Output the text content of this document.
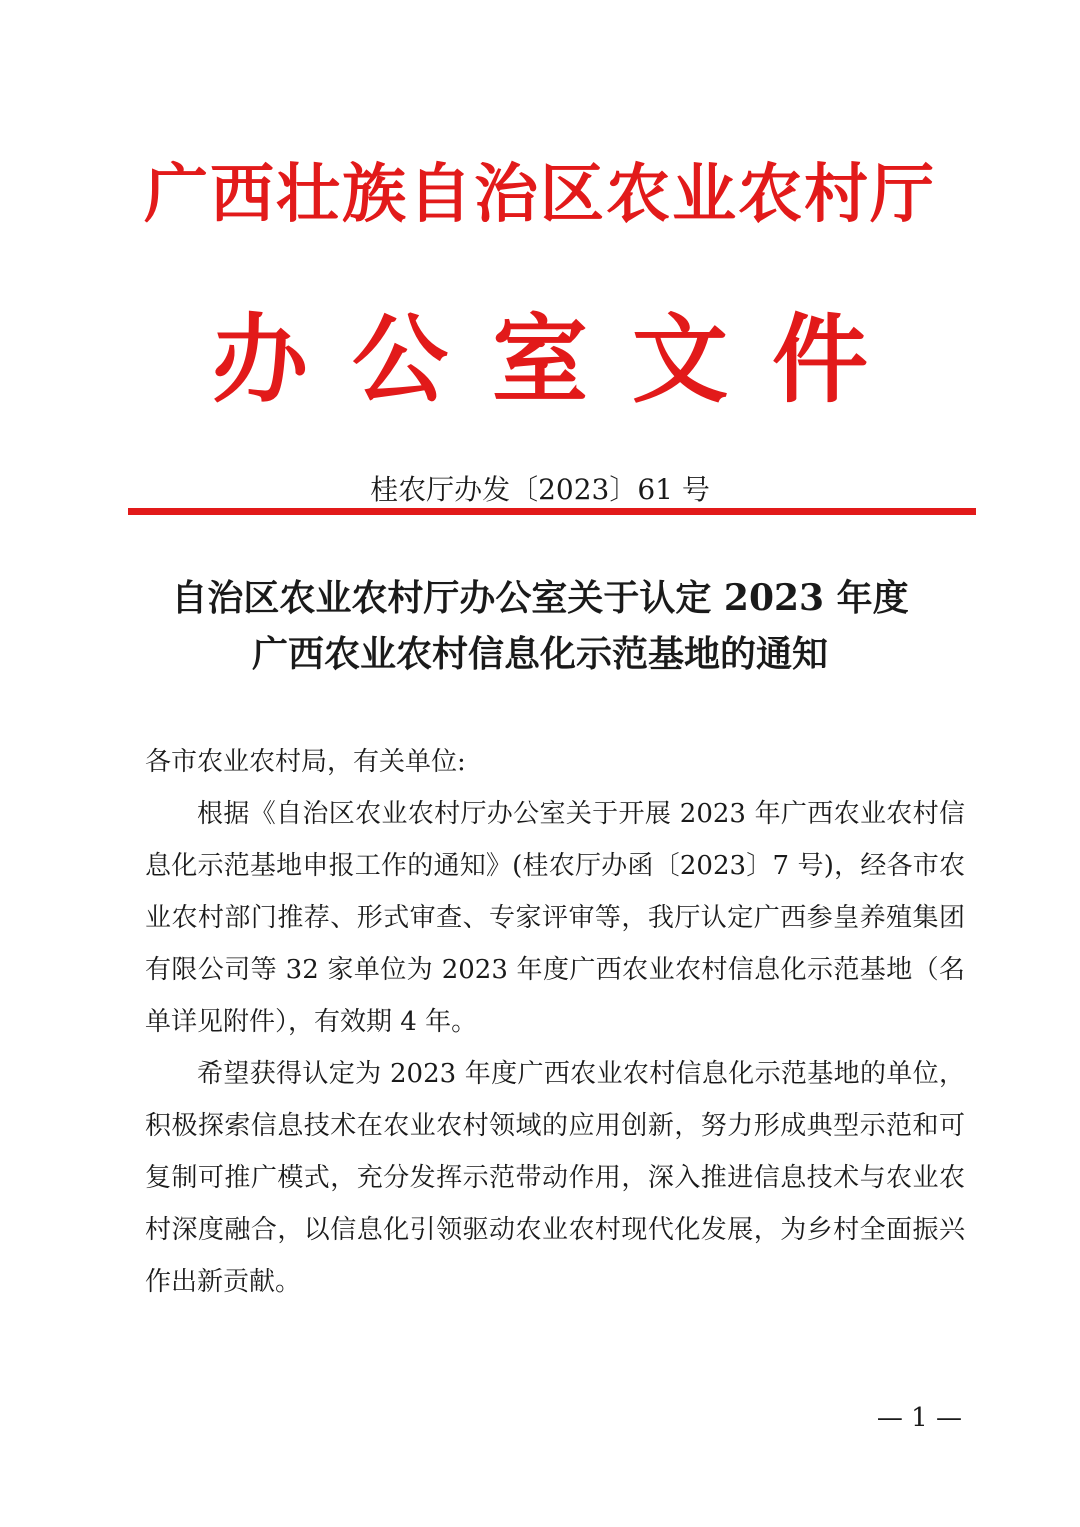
广西壮族自治区农业农村厅
办公室文件
桂农厅办发〔2023〕61 号
自治区农业农村厅办公室关于认定 2023 年度
广西农业农村信息化示范基地的通知

各市农业农村局，有关单位:

根据《自治区农业农村厅办公室关于开展 2023 年广西农业农村信息化示范基地申报工作的通知》(桂农厅办函〔2023〕7 号)，经各市农业农村部门推荐、形式审查、专家评审等，我厅认定广西参皇养殖集团有限公司等 32 家单位为 2023 年度广西农业农村信息化示范基地（名单详见附件），有效期 4 年。

希望获得认定为 2023 年度广西农业农村信息化示范基地的单位，积极探索信息技术在农业农村领域的应用创新，努力形成典型示范和可复制可推广模式，充分发挥示范带动作用，深入推进信息技术与农业农村深度融合，以信息化引领驱动农业农村现代化发展，为乡村全面振兴作出新贡献。

— 1 —
